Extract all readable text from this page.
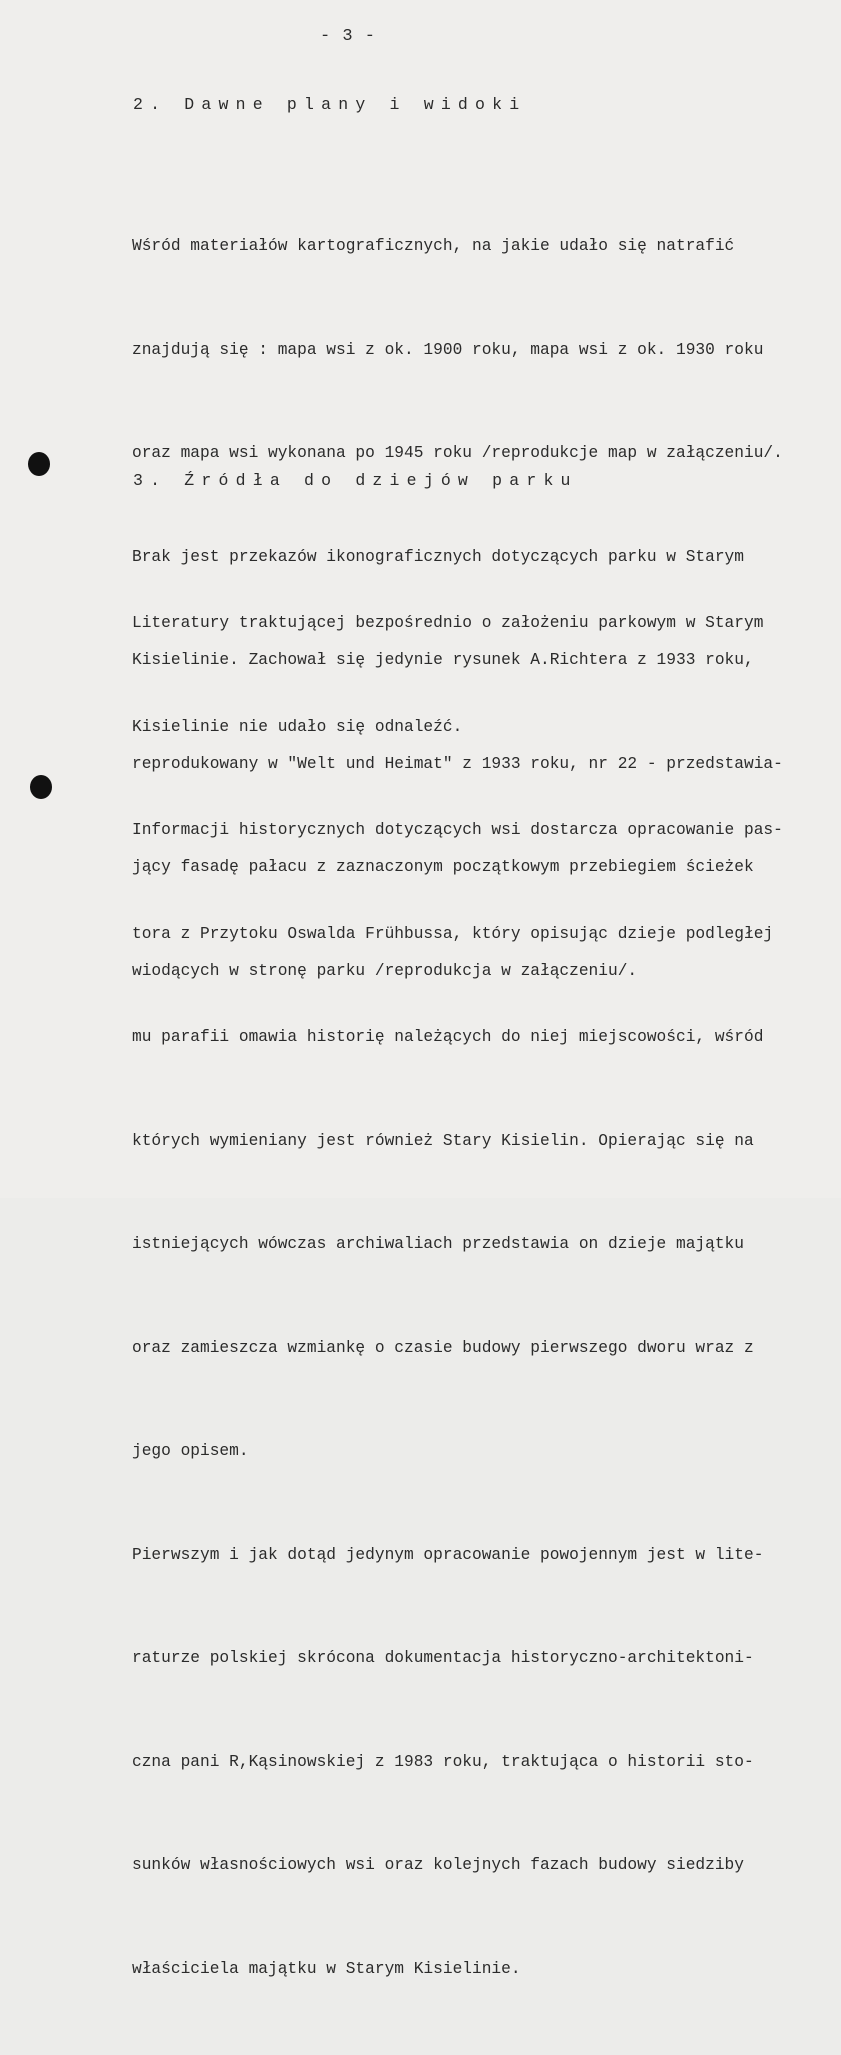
- 3 -
2. Dawne plany i widoki

Wśród materiałów kartograficznych, na jakie udało się natrafić

znajdują się : mapa wsi z ok. 1900 roku, mapa wsi z ok. 1930 roku

oraz mapa wsi wykonana po 1945 roku /reprodukcje map w załączeniu/.

Brak jest przekazów ikonograficznych dotyczących parku w Starym

Kisielinie. Zachował się jedynie rysunek A.Richtera z 1933 roku,

reprodukowany w "Welt und Heimat" z 1933 roku, nr 22 - przedstawia-

jący fasadę pałacu z zaznaczonym początkowym przebiegiem ścieżek

wiodących w stronę parku /reprodukcja w załączeniu/.

3. Źródła do dziejów parku

Literatury traktującej bezpośrednio o założeniu parkowym w Starym

Kisielinie nie udało się odnaleźć.

Informacji historycznych dotyczących wsi dostarcza opracowanie pas-

tora z Przytoku Oswalda Frühbussa, który opisując dzieje podległej

mu parafii omawia historię należących do niej miejscowości, wśród

których wymieniany jest również Stary Kisielin. Opierając się na

istniejących wówczas archiwaliach przedstawia on dzieje majątku

oraz zamieszcza wzmiankę o czasie budowy pierwszego dworu wraz z

jego opisem.

Pierwszym i jak dotąd jedynym opracowanie powojennym jest w lite-

raturze polskiej skrócona dokumentacja historyczno-architektoni-

czna pani R,Kąsinowskiej z 1983 roku, traktująca o historii sto-

sunków własnościowych wsi oraz kolejnych fazach budowy siedziby

właściciela majątku w Starym Kisielinie.
